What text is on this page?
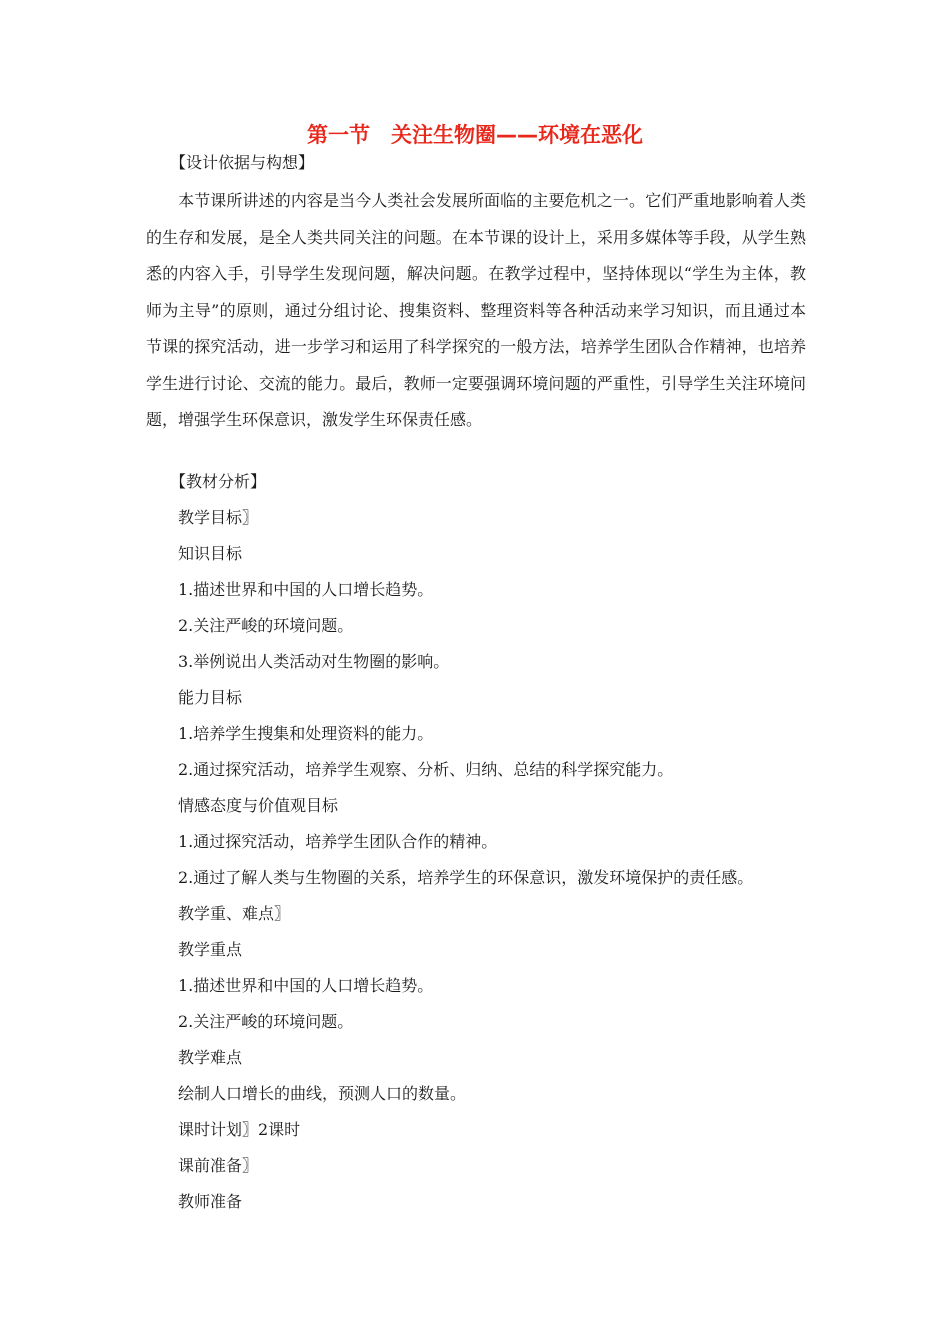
第一节　关注生物圈——环境在恶化
【设计依据与构想】
本节课所讲述的内容是当今人类社会发展所面临的主要危机之一。它们严重地影响着人类的生存和发展，是全人类共同关注的问题。在本节课的设计上，采用多媒体等手段，从学生熟悉的内容入手，引导学生发现问题，解决问题。在教学过程中，坚持体现以“学生为主体，教师为主导”的原则，通过分组讨论、搜集资料、整理资料等各种活动来学习知识，而且通过本节课的探究活动，进一步学习和运用了科学探究的一般方法，培养学生团队合作精神，也培养学生进行讨论、交流的能力。最后，教师一定要强调环境问题的严重性，引导学生关注环境问题，增强学生环保意识，激发学生环保责任感。
【教材分析】
教学目标〗
知识目标
1.描述世界和中国的人口增长趋势。
2.关注严峻的环境问题。
3.举例说出人类活动对生物圈的影响。
能力目标
1.培养学生搜集和处理资料的能力。
2.通过探究活动，培养学生观察、分析、归纳、总结的科学探究能力。
情感态度与价值观目标
1.通过探究活动，培养学生团队合作的精神。
2.通过了解人类与生物圈的关系，培养学生的环保意识，激发环境保护的责任感。
教学重、难点〗
教学重点
1.描述世界和中国的人口增长趋势。
2.关注严峻的环境问题。
教学难点
绘制人口增长的曲线，预测人口的数量。
课时计划〗2课时
课前准备〗
教师准备
